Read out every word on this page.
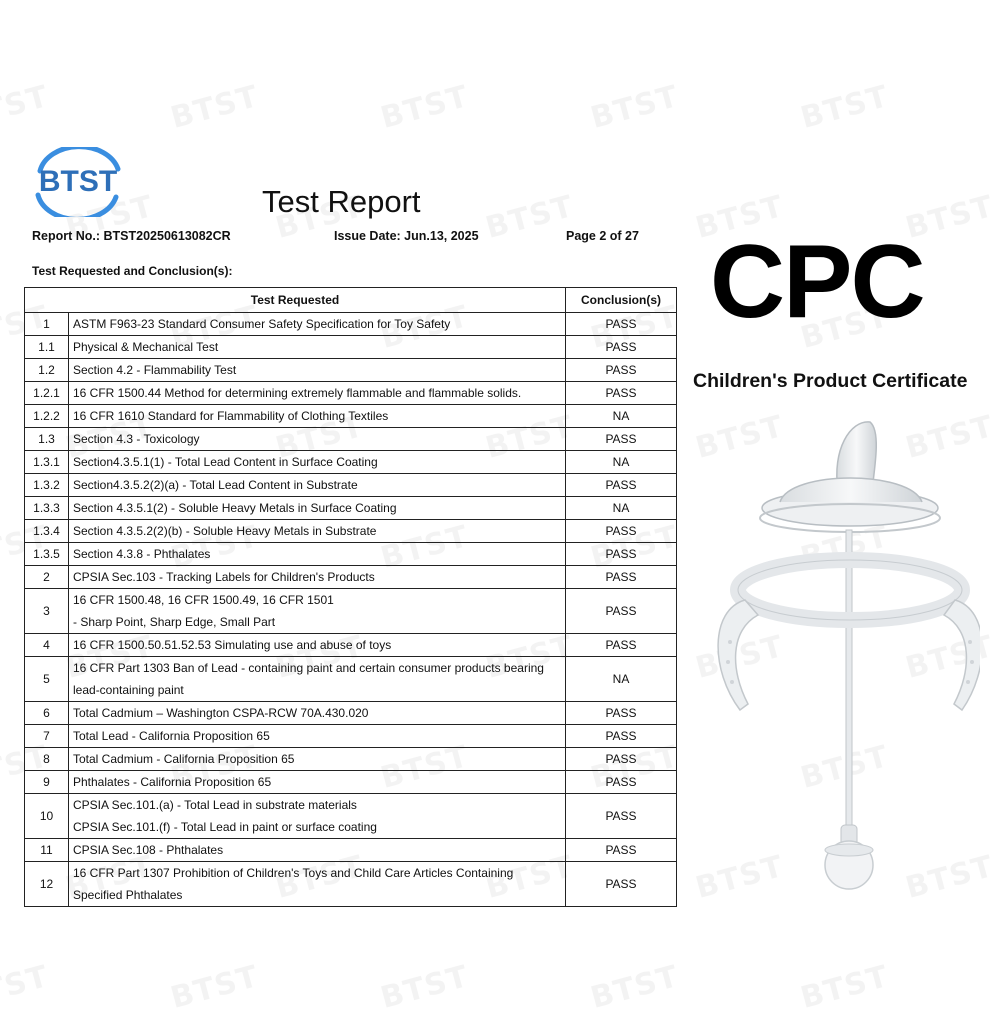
BTST
Test Report
Report No.: BTST20250613082CR	Issue Date: Jun.13, 2025	Page 2 of 27
Test Requested and Conclusion(s):
Test Requested		Conclusion(s)
1	ASTM F963-23 Standard Consumer Safety Specification for Toy Safety	PASS
1.1	Physical & Mechanical Test	PASS
1.2	Section 4.2 - Flammability Test	PASS
1.2.1	16 CFR 1500.44 Method for determining extremely flammable and flammable solids.	PASS
1.2.2	16 CFR 1610 Standard for Flammability of Clothing Textiles	NA
1.3	Section 4.3 - Toxicology	PASS
1.3.1	Section4.3.5.1(1) - Total Lead Content in Surface Coating	NA
1.3.2	Section4.3.5.2(2)(a) - Total Lead Content in Substrate	PASS
1.3.3	Section 4.3.5.1(2) - Soluble Heavy Metals in Surface Coating	NA
1.3.4	Section 4.3.5.2(2)(b) - Soluble Heavy Metals in Substrate	PASS
1.3.5	Section 4.3.8 - Phthalates	PASS
2	CPSIA Sec.103 - Tracking Labels for Children's Products	PASS
3	16 CFR 1500.48, 16 CFR 1500.49, 16 CFR 1501
- Sharp Point, Sharp Edge, Small Part	PASS
4	16 CFR 1500.50.51.52.53 Simulating use and abuse of toys	PASS
5	16 CFR Part 1303 Ban of Lead - containing paint and certain consumer products bearing
lead-containing paint	NA
6	Total Cadmium – Washington CSPA-RCW 70A.430.020	PASS
7	Total Lead - California Proposition 65	PASS
8	Total Cadmium - California Proposition 65	PASS
9	Phthalates - California Proposition 65	PASS
10	CPSIA Sec.101.(a) - Total Lead in substrate materials
CPSIA Sec.101.(f) - Total Lead in paint or surface coating	PASS
11	CPSIA Sec.108 - Phthalates	PASS
12	16 CFR Part 1307 Prohibition of Children's Toys and Child Care Articles Containing
Specified Phthalates	PASS
CPC
Children's Product Certificate
